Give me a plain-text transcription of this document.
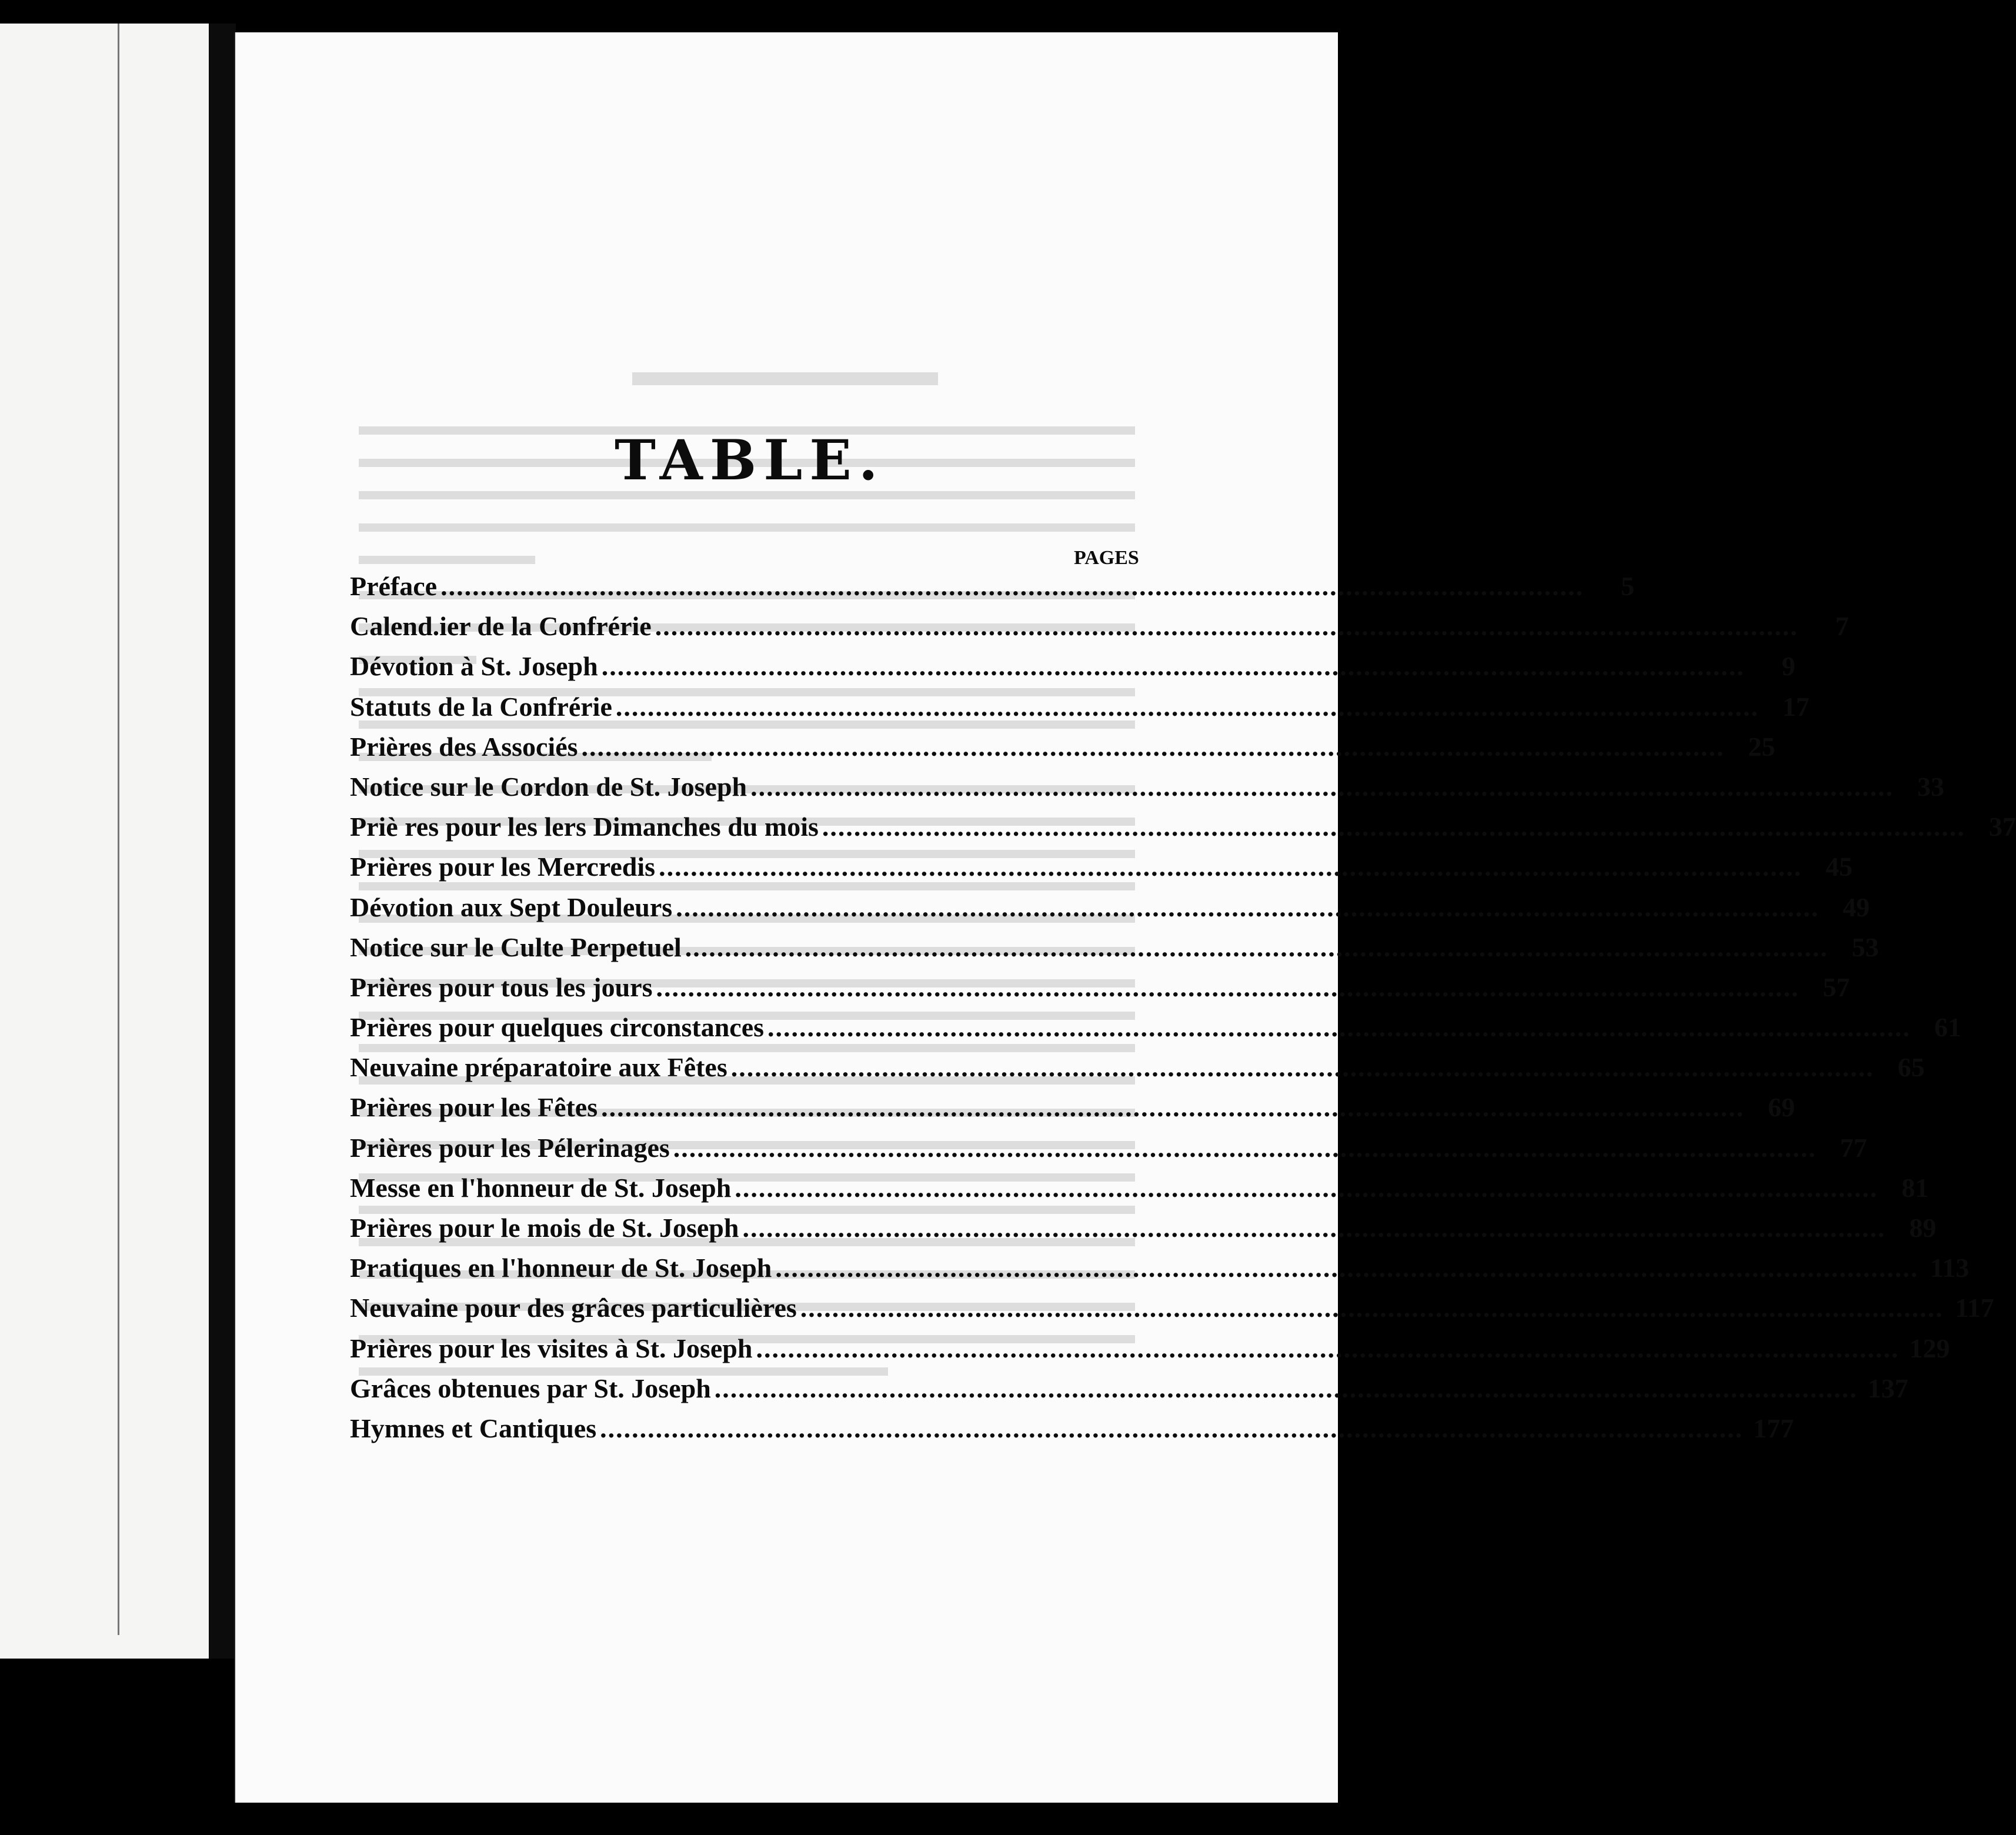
TABLE.
PAGES
Préface ................................................................................................................................................	5
Calend.ier de la Confrérie ................................................................................................................................................	7
Dévotion à St. Joseph ................................................................................................................................................	9
Statuts de la Confrérie ................................................................................................................................................ 17
Prières des Associés ................................................................................................................................................ 25
Notice sur le Cordon de St. Joseph ................................................................................................................................................ 33
Priè res pour les lers Dimanches du mois ................................................................................................................................................ 37
Prières pour les Mercredis ................................................................................................................................................ 45
Dévotion aux Sept Douleurs ................................................................................................................................................ 49
Notice sur le Culte Perpetuel ................................................................................................................................................ 53
Prières pour tous les jours ................................................................................................................................................ 57
Prières pour quelques circonstances ................................................................................................................................................ 61
Neuvaine préparatoire aux Fêtes ................................................................................................................................................ 65
Prières pour les Fêtes ................................................................................................................................................ 69
Prières pour les Pélerinages ................................................................................................................................................ 77
Messe en l'honneur de St. Joseph ................................................................................................................................................ 81
Prières pour le mois de St. Joseph ................................................................................................................................................ 89
Pratiques en l'honneur de St. Joseph ................................................................................................................................................ 113
Neuvaine pour des grâces particulières ................................................................................................................................................ 117
Prières pour les visites à St. Joseph ................................................................................................................................................ 129
Grâces obtenues par St. Joseph ................................................................................................................................................ 137
Hymnes et Cantiques ................................................................................................................................................ 177
